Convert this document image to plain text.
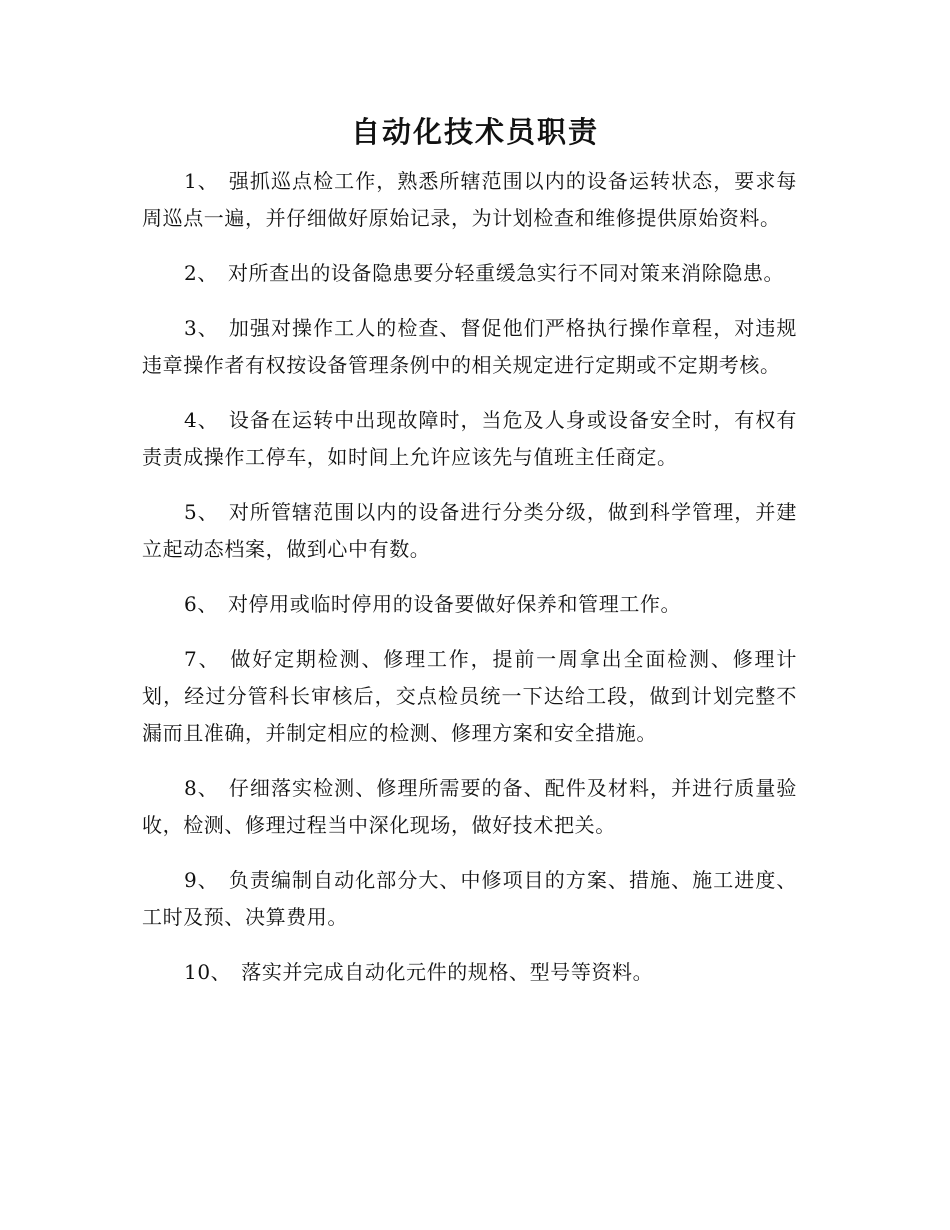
自动化技术员职责

1、 强抓巡点检工作，熟悉所辖范围以内的设备运转状态，要求每周巡点一遍，并仔细做好原始记录，为计划检查和维修提供原始资料。

2、 对所查出的设备隐患要分轻重缓急实行不同对策来消除隐患。

3、 加强对操作工人的检查、督促他们严格执行操作章程，对违规违章操作者有权按设备管理条例中的相关规定进行定期或不定期考核。

4、 设备在运转中出现故障时，当危及人身或设备安全时，有权有责责成操作工停车，如时间上允许应该先与值班主任商定。

5、 对所管辖范围以内的设备进行分类分级，做到科学管理，并建立起动态档案，做到心中有数。

6、 对停用或临时停用的设备要做好保养和管理工作。

7、 做好定期检测、修理工作，提前一周拿出全面检测、修理计划，经过分管科长审核后，交点检员统一下达给工段，做到计划完整不漏而且准确，并制定相应的检测、修理方案和安全措施。

8、 仔细落实检测、修理所需要的备、配件及材料，并进行质量验收，检测、修理过程当中深化现场，做好技术把关。

9、 负责编制自动化部分大、中修项目的方案、措施、施工进度、工时及预、决算费用。

10、 落实并完成自动化元件的规格、型号等资料。
